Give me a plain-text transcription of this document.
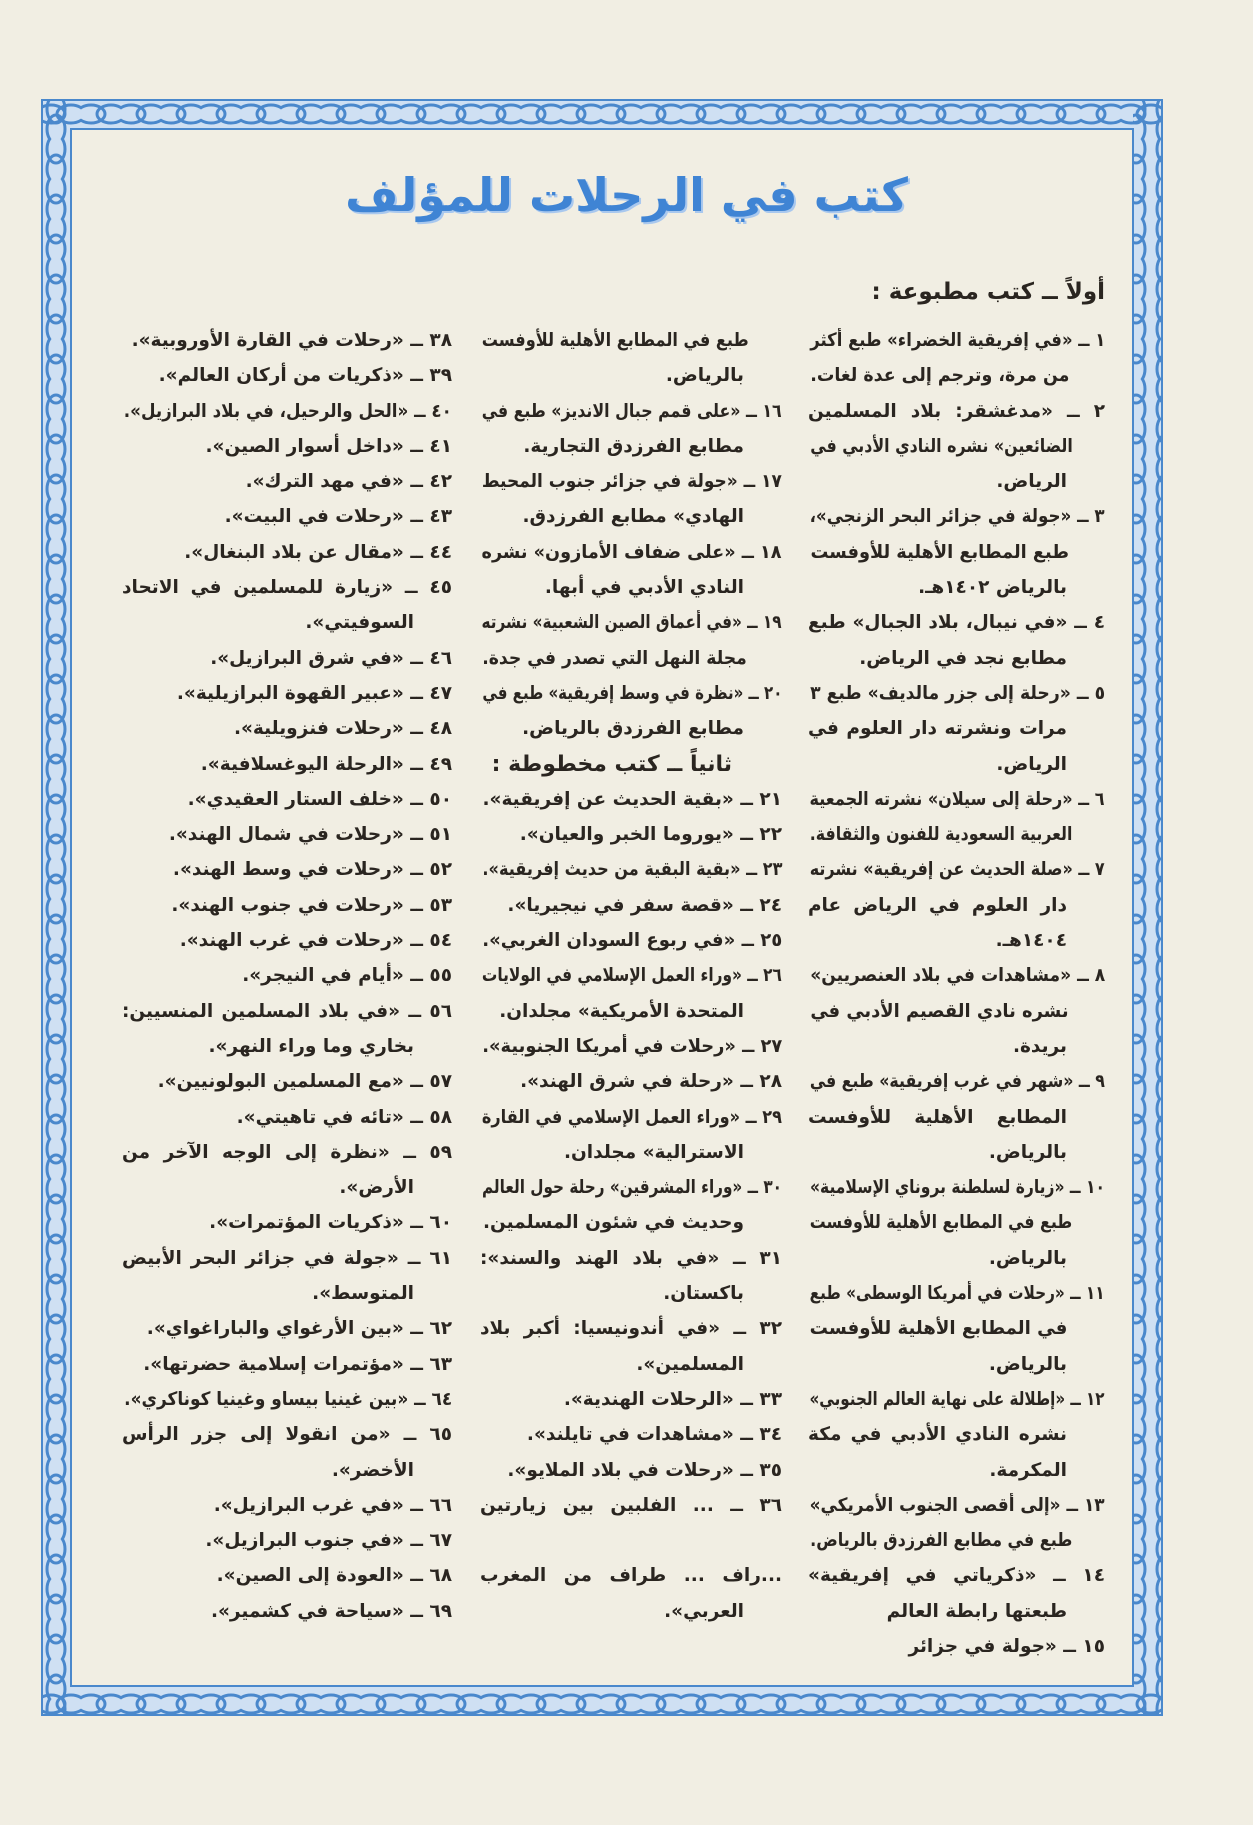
كتب في الرحلات للمؤلف
أولاً ــ كتب مطبوعة :
١ ــ «في إفريقية الخضراء» طبع أكثر
من مرة، وترجم إلى عدة لغات.
٢ ــ «مدغشقر: بلاد المسلمين
الضائعين» نشره النادي الأدبي في
الرياض.
٣ ــ «جولة في جزائر البحر الزنجي»،
طبع المطابع الأهلية للأوفست
بالرياض ١٤٠٢هـ.
٤ ــ «في نيبال، بلاد الجبال» طبع
مطابع نجد في الرياض.
٥ ــ «رحلة إلى جزر مالديف» طبع ٣
مرات ونشرته دار العلوم في
الرياض.
٦ ــ «رحلة إلى سيلان» نشرته الجمعية
العربية السعودية للفنون والثقافة.
٧ ــ «صلة الحديث عن إفريقية» نشرته
دار العلوم في الرياض عام
١٤٠٤هـ.
٨ ــ «مشاهدات في بلاد العنصريين»
نشره نادي القصيم الأدبي في
بريدة.
٩ ــ «شهر في غرب إفريقية» طبع في
المطابع الأهلية للأوفست
بالرياض.
١٠ ــ «زيارة لسلطنة بروناي الإسلامية»
طبع في المطابع الأهلية للأوفست
بالرياض.
١١ ــ «رحلات في أمريكا الوسطى» طبع
في المطابع الأهلية للأوفست
بالرياض.
١٢ ــ «إطلالة على نهاية العالم الجنوبي»
نشره النادي الأدبي في مكة
المكرمة.
١٣ ــ «إلى أقصى الجنوب الأمريكي»
طبع في مطابع الفرزدق بالرياض.
١٤ ــ «ذكرياتي في إفريقية»
طبعتها رابطة العالم
١٥ ــ «جولة في جزائر
طبع في المطابع الأهلية للأوفست
بالرياض.
١٦ ــ «على قمم جبال الانديز» طبع في
مطابع الفرزدق التجارية.
١٧ ــ «جولة في جزائر جنوب المحيط
الهادي» مطابع الفرزدق.
١٨ ــ «على ضفاف الأمازون» نشره
النادي الأدبي في أبها.
١٩ ــ «في أعماق الصين الشعبية» نشرته
مجلة النهل التي تصدر في جدة.
٢٠ ــ «نظرة في وسط إفريقية» طبع في
مطابع الفرزدق بالرياض.
ثانياً ــ كتب مخطوطة :
٢١ ــ «بقية الحديث عن إفريقية».
٢٢ ــ «يوروما الخبر والعيان».
٢٣ ــ «بقية البقية من حديث إفريقية».
٢٤ ــ «قصة سفر في نيجيريا».
٢٥ ــ «في ربوع السودان الغربي».
٢٦ ــ «وراء العمل الإسلامي في الولايات
المتحدة الأمريكية» مجلدان.
٢٧ ــ «رحلات في أمريكا الجنوبية».
٢٨ ــ «رحلة في شرق الهند».
٢٩ ــ «وراء العمل الإسلامي في القارة
الاسترالية» مجلدان.
٣٠ ــ «وراء المشرقين» رحلة حول العالم
وحديث في شئون المسلمين.
٣١ ــ «في بلاد الهند والسند»:
باكستان.
٣٢ ــ «في أندونيسيا: أكبر بلاد
المسلمين».
٣٣ ــ «الرحلات الهندية».
٣٤ ــ «مشاهدات في تايلند».
٣٥ ــ «رحلات في بلاد الملايو».
٣٦ ــ ... الفلبين بين زيارتين
...راف ... طراف من المغرب
العربي».
٣٨ ــ «رحلات في القارة الأوروبية».
٣٩ ــ «ذكريات من أركان العالم».
٤٠ ــ «الحل والرحيل، في بلاد البرازيل».
٤١ ــ «داخل أسوار الصين».
٤٢ ــ «في مهد الترك».
٤٣ ــ «رحلات في البيت».
٤٤ ــ «مقال عن بلاد البنغال».
٤٥ ــ «زيارة للمسلمين في الاتحاد
السوفيتي».
٤٦ ــ «في شرق البرازيل».
٤٧ ــ «عبير القهوة البرازيلية».
٤٨ ــ «رحلات فنزويلية».
٤٩ ــ «الرحلة اليوغسلافية».
٥٠ ــ «خلف الستار العقيدي».
٥١ ــ «رحلات في شمال الهند».
٥٢ ــ «رحلات في وسط الهند».
٥٣ ــ «رحلات في جنوب الهند».
٥٤ ــ «رحلات في غرب الهند».
٥٥ ــ «أيام في النيجر».
٥٦ ــ «في بلاد المسلمين المنسيين:
بخاري وما وراء النهر».
٥٧ ــ «مع المسلمين البولونيين».
٥٨ ــ «تائه في تاهيتي».
٥٩ ــ «نظرة إلى الوجه الآخر من
الأرض».
٦٠ ــ «ذكريات المؤتمرات».
٦١ ــ «جولة في جزائر البحر الأبيض
المتوسط».
٦٢ ــ «بين الأرغواي والباراغواي».
٦٣ ــ «مؤتمرات إسلامية حضرتها».
٦٤ ــ «بين غينيا بيساو وغينيا كوناكري».
٦٥ ــ «من انقولا إلى جزر الرأس
الأخضر».
٦٦ ــ «في غرب البرازيل».
٦٧ ــ «في جنوب البرازيل».
٦٨ ــ «العودة إلى الصين».
٦٩ ــ «سياحة في كشمير».
